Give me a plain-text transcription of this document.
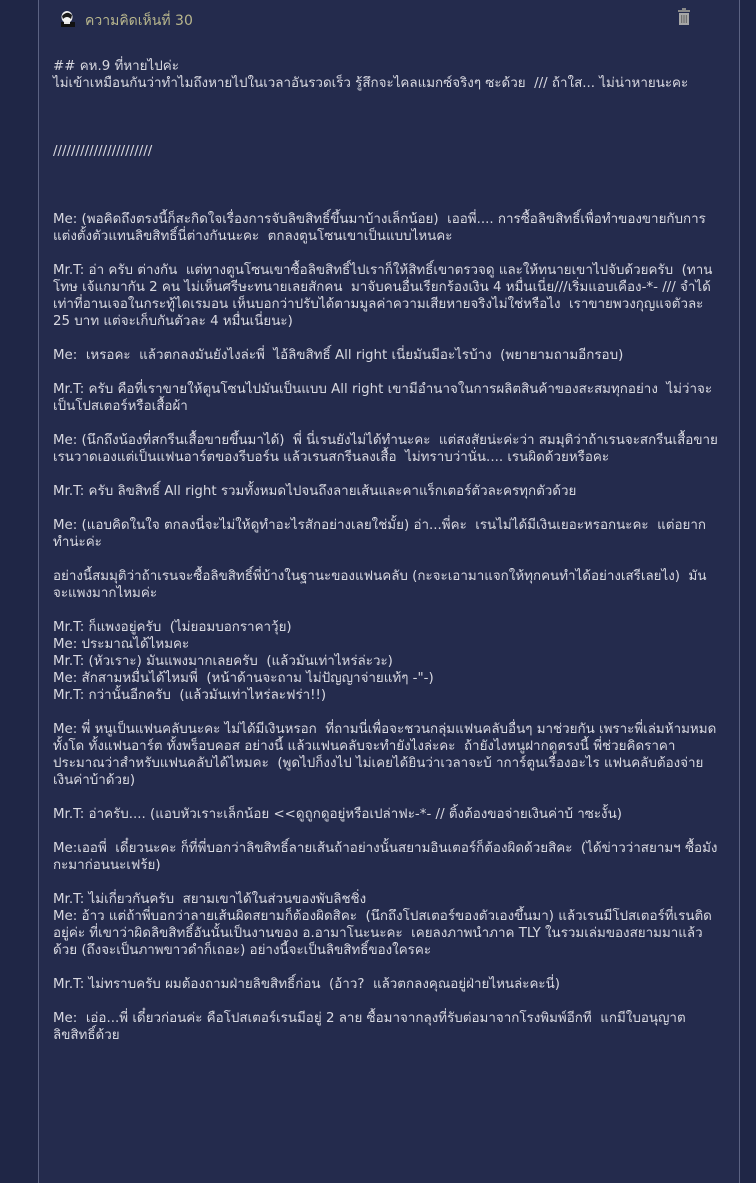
ความคิดเห็นที่ 30

## คห.9 ที่หายไปค่ะ
ไม่เข้าเหมือนกันว่าทำไมถึงหายไปในเวลาอันรวดเร็ว รู้สึกจะไคลแมกซ์จริงๆ ซะด้วย  /// ถ้าใส... ไม่น่าหายนะคะ

//////////////////////

Me: (พอคิดถึงตรงนี้ก็สะกิดใจเรื่องการจับลิขสิทธิ์ขึ้นมาบ้างเล็กน้อย)  เออพี่.... การซื้อลิขสิทธิ์เพื่อทำของขายกับการแต่งตั้งตัวแทนลิขสิทธิ์นี่ต่างกันนะคะ  ตกลงตูนโซนเขาเป็นแบบไหนคะ

Mr.T: อ่า ครับ ต่างกัน  แต่ทางตูนโซนเขาซื้อลิขสิทธิ์ไปเราก็ให้สิทธิ์เขาตรวจดู และให้ทนายเขาไปจับด้วยครับ  (ทานโทษ เจ้แกมากัน 2 คน ไม่เห็นศรีษะทนายเลยสักคน  มาจับคนอื่นเรียกร้องเงิน 4 หมื่นเนี่ย///เริ่มแอบเคือง-*- /// จำได้เท่าที่อานเจอในกระทู้ไดเรมอน เห็นบอกว่าปรับได้ตามมูลค่าความเสียหายจริงไม่ใช่หรือไง  เราขายพวงกุญแจตัวละ 25 บาท แต่จะเก็บกันตัวละ 4 หมื่นเนี่ยนะ)

Me:  เหรอคะ  แล้วตกลงมันยังไงล่ะพี่  ไอ้ลิขสิทธิ์ All right เนี่ยมันมีอะไรบ้าง  (พยายามถามอีกรอบ)

Mr.T: ครับ คือที่เราขายให้ตูนโซนไปมันเป็นแบบ All right เขามีอำนาจในการผลิตสินค้าของสะสมทุกอย่าง  ไม่ว่าจะเป็นโปสเตอร์หรือเสื้อผ้า

Me: (นึกถึงน้องที่สกรีนเสื้อขายขึ้นมาได้)  พี่ นี่เรนยังไม่ได้ทำนะคะ  แต่สงสัยน่ะค่ะว่า สมมุติว่าถ้าเรนจะสกรีนเสื้อขาย เรนวาดเองแต่เป็นแฟนอาร์ตของรีบอร์น แล้วเรนสกรีนลงเสื้อ  ไม่ทราบว่านั่น.... เรนผิดด้วยหรือคะ

Mr.T: ครับ ลิขสิทธิ์ All right รวมทั้งหมดไปจนถึงลายเส้นและคาแร็กเตอร์ตัวละครทุกตัวด้วย

Me: (แอบคิดในใจ ตกลงนี่จะไม่ให้ดูทำอะไรสักอย่างเลยใช่มั้ย) อ่า...พี่คะ  เรนไม่ได้มีเงินเยอะหรอกนะคะ  แต่อยากทำน่ะค่ะ

อย่างนี้สมมุติว่าถ้าเรนจะซื้อลิขสิทธิ์พี่บ้างในฐานะของแฟนคลับ (กะจะเอามาแจกให้ทุกคนทำได้อย่างเสรีเลยไง)  มันจะแพงมากไหมค่ะ

Mr.T: ก็แพงอยู่ครับ  (ไม่ยอมบอกราคาวุ้ย)
Me: ประมาณได้ไหมคะ
Mr.T: (หัวเราะ) มันแพงมากเลยครับ  (แล้วมันเท่าไหร่ล่ะวะ)
Me: สักสามหมื่นได้ไหมพี่  (หน้าด้านจะถาม ไม่ปัญญาจ่ายแท้ๆ -"-)
Mr.T: กว่านั้นอีกครับ  (แล้วมันเท่าไหร่ละฟร่า!!)

Me: พี่ หนูเป็นแฟนคลับนะคะ ไม่ได้มีเงินหรอก  ที่ถามนี่เพื่อจะชวนกลุ่มแฟนคลับอื่นๆ มาช่วยกัน เพราะพี่เล่มห้ามหมดทั้งโด ทั้งแฟนอาร์ต ทั้งพร็อบคอส อย่างนี้ แล้วแฟนคลับจะทำยังไงล่ะคะ  ถ้ายังไงหนูฝากดูตรงนี้ พี่ช่วยคิดราคาประมาณว่าสำหรับแฟนคลับได้ไหมคะ  (พูดไปก็งงไป ไม่เคยได้ยินว่าเวลาจะบ้ าการ์ตูนเรื่องอะไร แฟนคลับต้องจ่ายเงินค่าบ้าด้วย)

Mr.T: อ่าครับ.... (แอบหัวเราะเล็กน้อย <<ดูถูกดูอยู่หรือเปล่าฟะ-*- // ติ้งต้องขอจ่ายเงินค่าบ้ าซะงั้น)

Me:เออพี่  เดี๋ยวนะคะ ก็ที่พี่บอกว่าลิขสิทธิ์ลายเส้นถ้าอย่างนั้นสยามอินเตอร์ก็ต้องผิดด้วยสิคะ  (ได้ข่าวว่าสยามฯ ซื้อมังกะมาก่อนนะเฟร้ย)

Mr.T: ไม่เกี่ยวกันครับ  สยามเขาได้ในส่วนของพับลิชชิ่ง
Me: อ้าว แต่ถ้าพี่บอกว่าลายเส้นผิดสยามก็ต้องผิดสิคะ  (นึกถึงโปสเตอร์ของตัวเองขึ้นมา) แล้วเรนมีโปสเตอร์ที่เรนติดอยู่ค่ะ ที่เขาว่าผิดลิขสิทธิ์อันนั้นเป็นงานของ อ.อามาโนะนะคะ  เคยลงภาพนำภาค TLY ในรวมเล่มของสยามมาแล้วด้วย (ถึงจะเป็นภาพขาวดำก็เถอะ) อย่างนี้จะเป็นลิขสิทธิ์ของใครคะ

Mr.T: ไม่ทราบครับ ผมต้องถามฝ่ายลิขสิทธิ์ก่อน  (อ้าว?  แล้วตกลงคุณอยู่ฝ่ายไหนล่ะคะนี่)

Me:  เอ่อ...พี่ เดี๋ยวก่อนค่ะ คือโปสเตอร์เรนมีอยู่ 2 ลาย ซื้อมาจากลุงที่รับต่อมาจากโรงพิมพ์อีกที  แกมีใบอนุญาตลิขสิทธิ์ด้วย
